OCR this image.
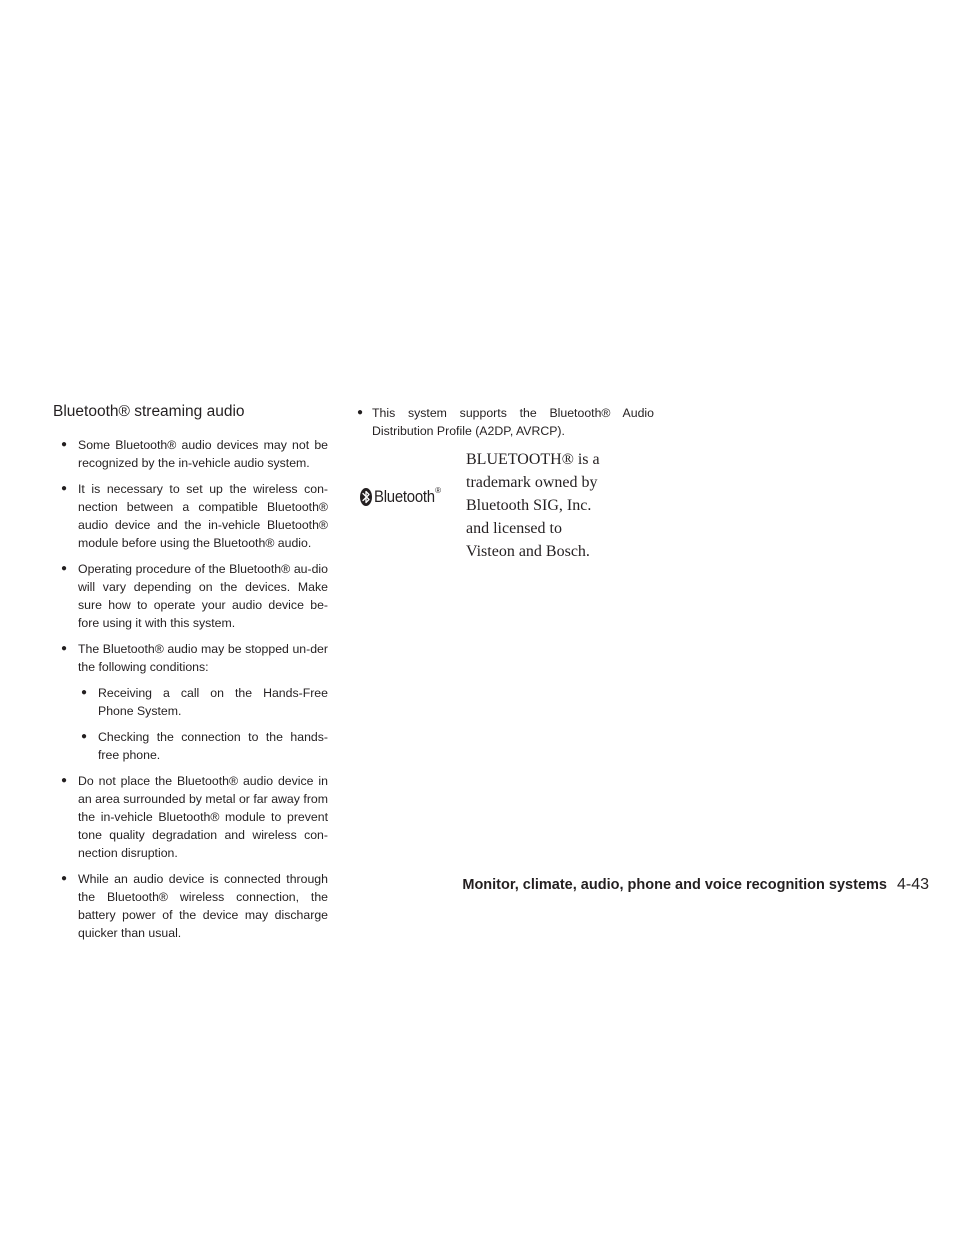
Bluetooth® streaming audio
● Some Bluetooth® audio devices may not be recognized by the in-vehicle audio system.
● It is necessary to set up the wireless con-nection between a compatible Bluetooth® audio device and the in-vehicle Bluetooth® module before using the Bluetooth® audio.
● Operating procedure of the Bluetooth® au-dio will vary depending on the devices. Make sure how to operate your audio device be-fore using it with this system.
● The Bluetooth® audio may be stopped un-der the following conditions:
● Receiving a call on the Hands-Free Phone System.
● Checking the connection to the hands-free phone.
● Do not place the Bluetooth® audio device in an area surrounded by metal or far away from the in-vehicle Bluetooth® module to prevent tone quality degradation and wireless con-nection disruption.
● While an audio device is connected through the Bluetooth® wireless connection, the battery power of the device may discharge quicker than usual.
● This system supports the Bluetooth® Audio Distribution Profile (A2DP, AVRCP).
Bluetooth ®

BLUETOOTH® is a
trademark owned by
Bluetooth SIG, Inc.
and licensed to
Visteon and Bosch.

Monitor, climate, audio, phone and voice recognition systems 4-43
